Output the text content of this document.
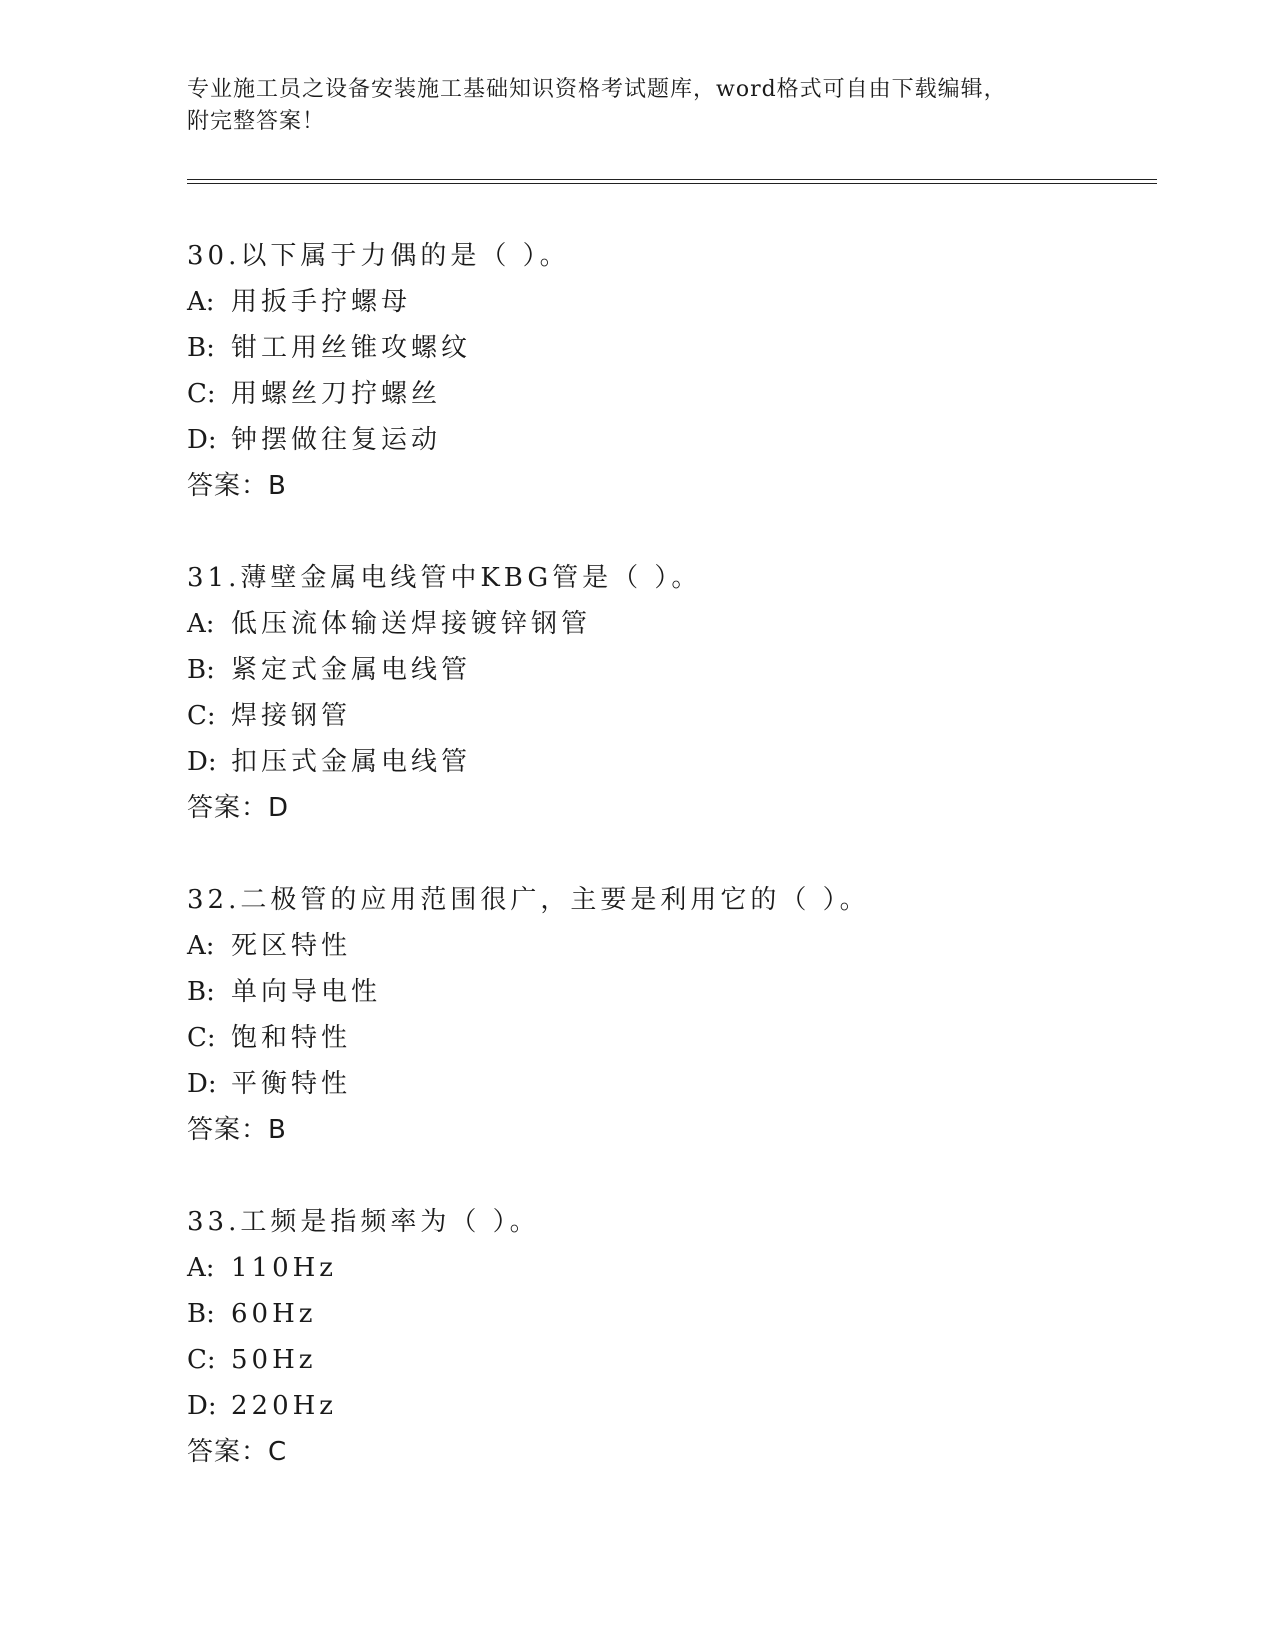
专业施工员之设备安装施工基础知识资格考试题库，word格式可自由下载编辑，
附完整答案！
30.以下属于力偶的是（ ）。
A: 用扳手拧螺母
B: 钳工用丝锥攻螺纹
C: 用螺丝刀拧螺丝
D: 钟摆做往复运动
答案：B
31.薄壁金属电线管中KBG管是（ ）。
A: 低压流体输送焊接镀锌钢管
B: 紧定式金属电线管
C: 焊接钢管
D: 扣压式金属电线管
答案：D
32.二极管的应用范围很广，主要是利用它的（ ）。
A: 死区特性
B: 单向导电性
C: 饱和特性
D: 平衡特性
答案：B
33.工频是指频率为（ ）。
A: 110Hz
B: 60Hz
C: 50Hz
D: 220Hz
答案：C
